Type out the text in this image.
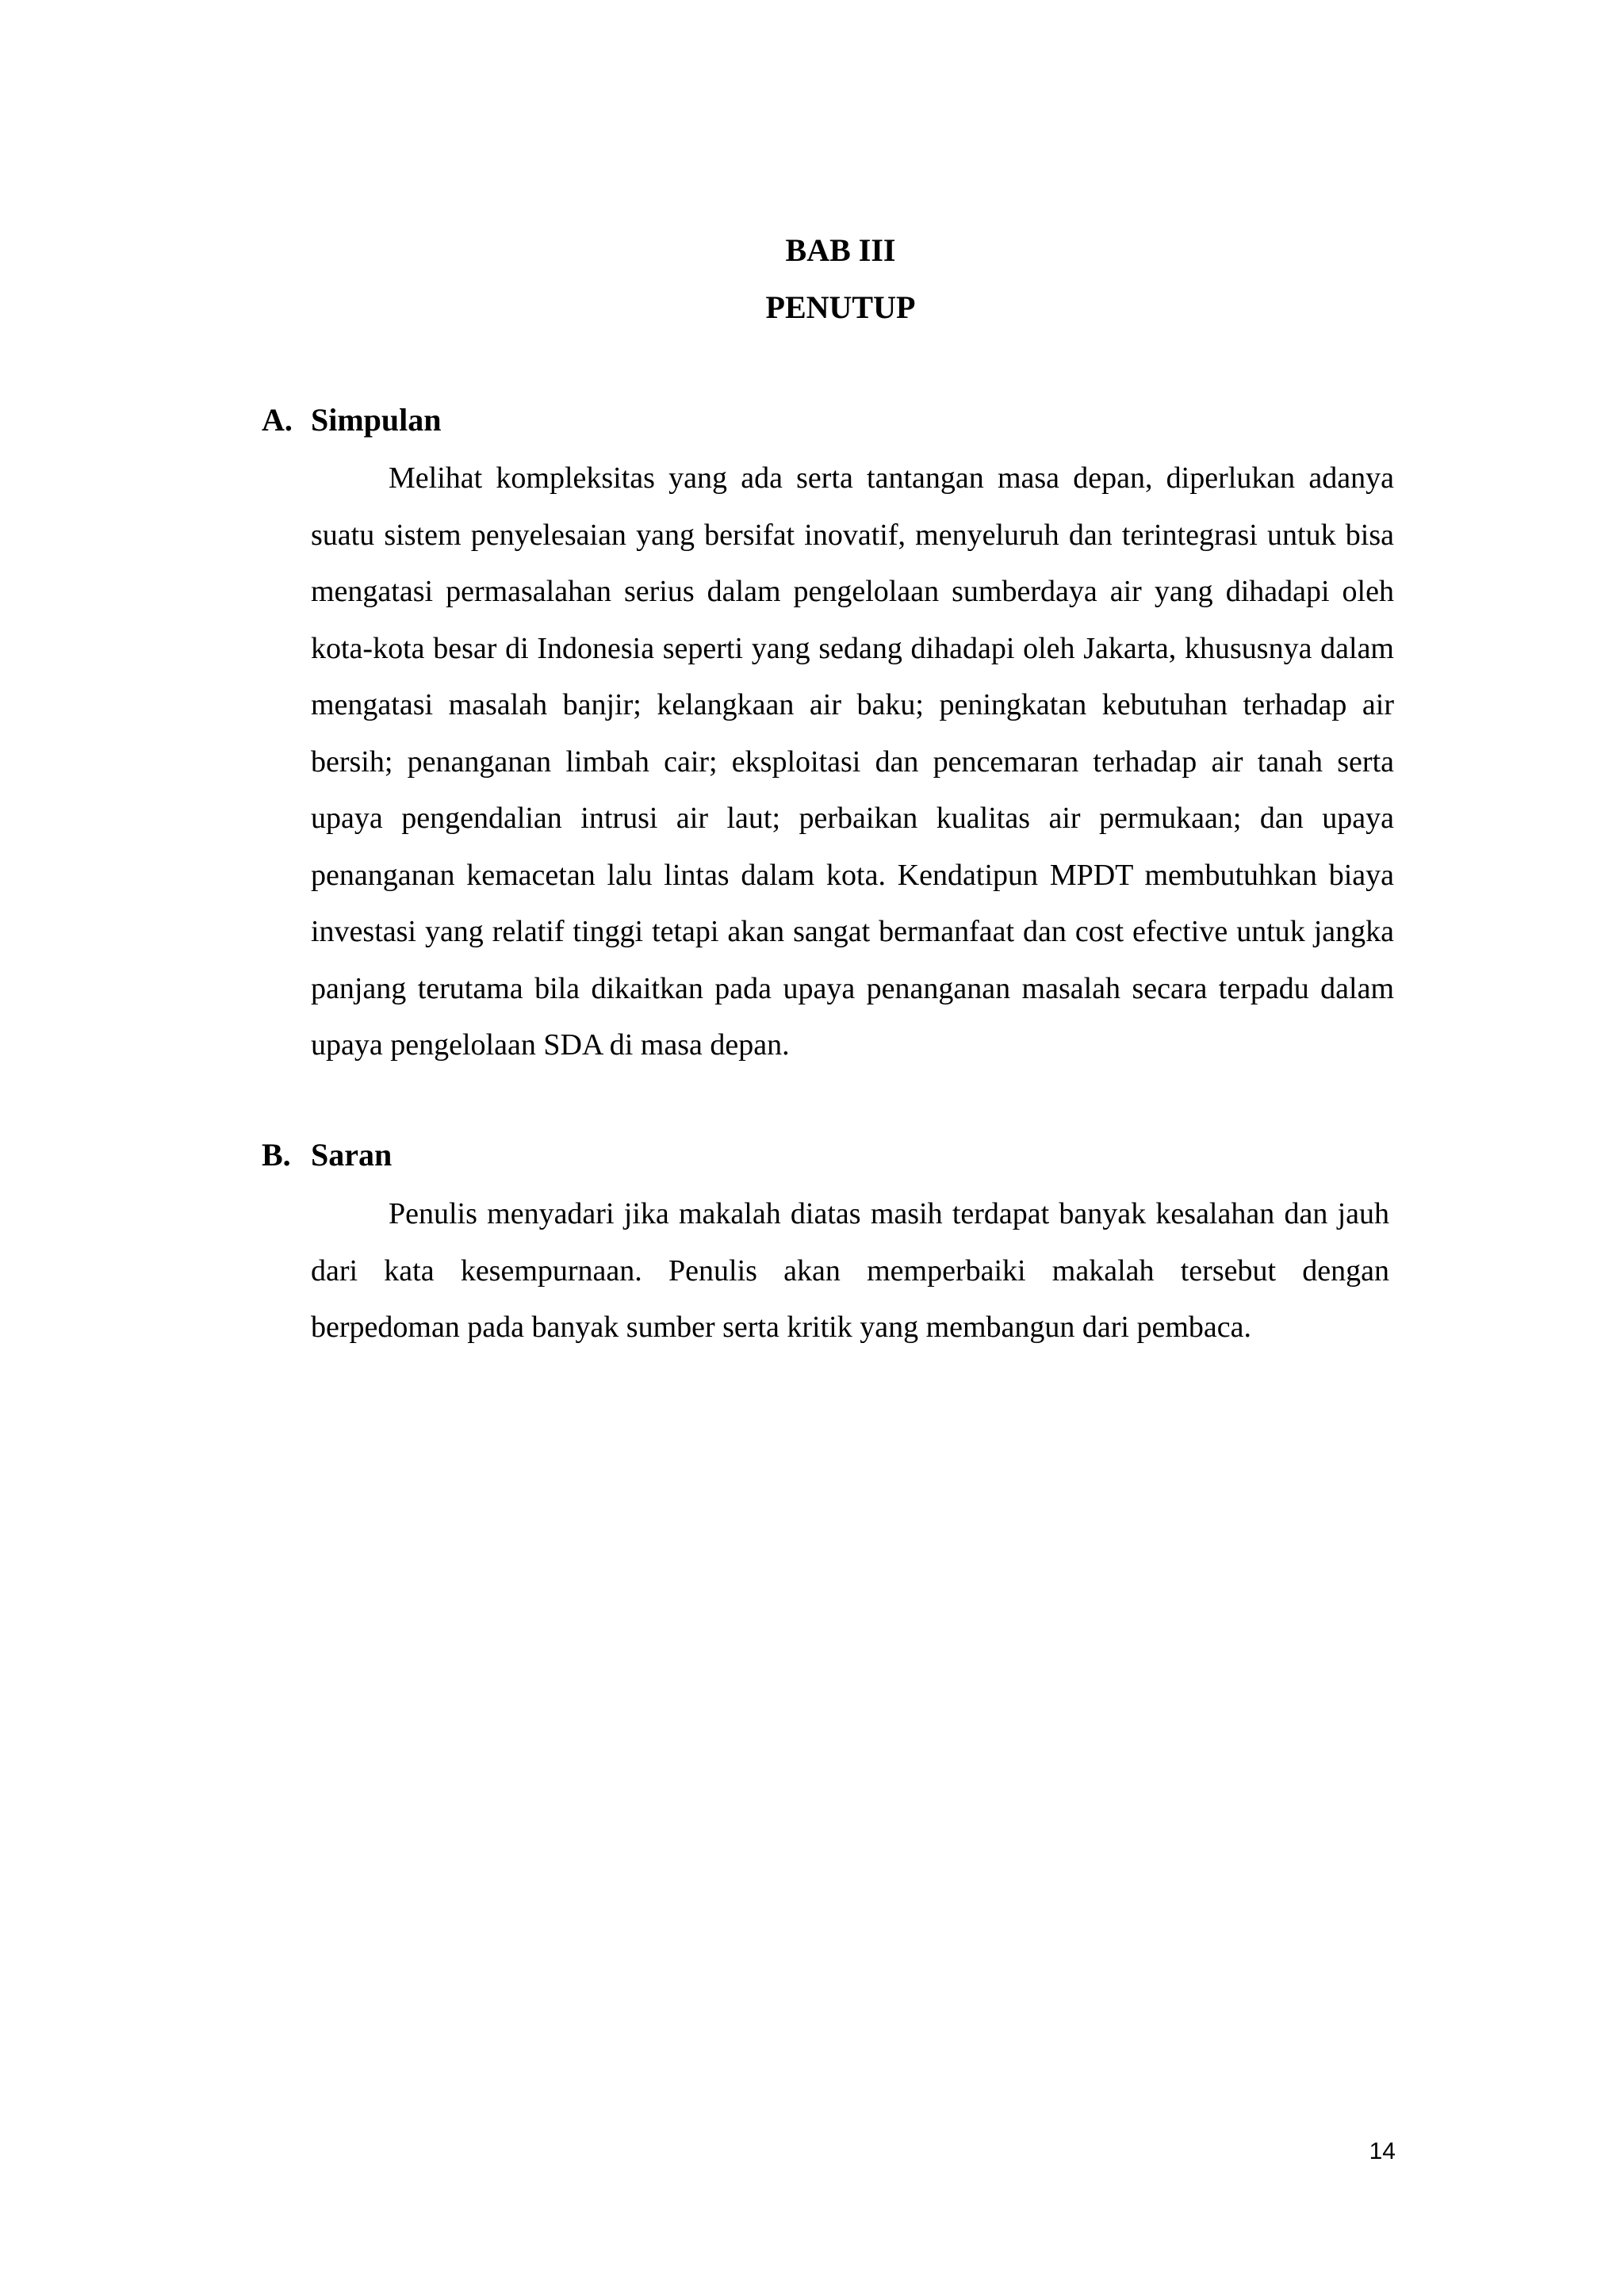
BAB III
PENUTUP
A. Simpulan

Melihat kompleksitas yang ada serta tantangan masa depan, diperlukan adanya suatu sistem penyelesaian yang bersifat inovatif, menyeluruh dan terintegrasi untuk bisa mengatasi permasalahan serius dalam pengelolaan sumberdaya air yang dihadapi oleh kota-kota besar di Indonesia seperti yang sedang dihadapi oleh Jakarta, khususnya dalam mengatasi masalah banjir; kelangkaan air baku; peningkatan kebutuhan terhadap air bersih; penanganan limbah cair; eksploitasi dan pencemaran terhadap air tanah serta upaya pengendalian intrusi air laut; perbaikan kualitas air permukaan; dan upaya penanganan kemacetan lalu lintas dalam kota. Kendatipun MPDT membutuhkan biaya investasi yang relatif tinggi tetapi akan sangat bermanfaat dan cost efective untuk jangka panjang terutama bila dikaitkan pada upaya penanganan masalah secara terpadu dalam upaya pengelolaan SDA di masa depan.

B. Saran

Penulis menyadari jika makalah diatas masih terdapat banyak kesalahan dan jauh dari kata kesempurnaan. Penulis akan memperbaiki makalah tersebut dengan berpedoman pada banyak sumber serta kritik yang membangun dari pembaca.

14
